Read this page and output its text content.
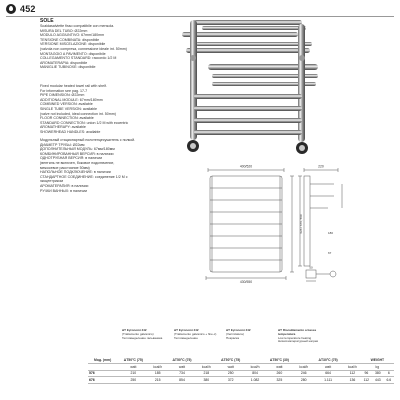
452
SOLE
Scaldasalviette fisso compatibile con mensola.
MISURA DEL TUBO: Ø22mm
MODULO AGGIUNTIVO: 67mm/180mm
TENSIONE COMBINATA: disponibile
VERSIONE MISCELAZIONE: disponibile
(valvola non compresa, connessione ideale int. 50mm)
MONTAGGIO A PAVIMENTO: disponibile
COLLEGAMENTO STANDARD: raccordo 1/2 M
AROMATERAPIA: disponibile
MANIGLIE TUBINOXE: disponibile
Fixed modular heated towel rail with shelf.
For information see pag. 17-7
PIPE DIMENSION: Ø22mm
ADDITIONAL MODULE: 67mm/180mm
COMBINED VERSION: available
SINGLE TUBE VERSION: available
(valve not included, ideal connection int. 50mm)
FLOOR CONNECTION: available
STANDARD CONNECTION: union 1/2 M with eccentric
AROMATHERAPY: available
SHOWERHEAD HANDLES: available
Модульный стационарный полотенцесушитель с полкой.
ДИАМЕТР ТРУБЫ: Ø22мм
ДОПОЛНИТЕЛЬНЫЙ МОДУЛЬ: 67мм/180мм
КОМБИНИРОВАННЫЙ ВЕРСИЯ: в наличии
ОДНОТРУБНАЯ ВЕРСИЯ: в наличии
(вентиль не включен, боковое подключение,
межосевое расстояние 50мм)
НАПОЛЬНОЕ ПОДКЛЮЧЕНИЕ: в наличии
СТАНДАРТНОЕ СОЕДИНЕНИЕ: соединение 1/2 М с
эксцентриком
АРОМАТЕРАПИЯ: в наличии
РУЧКИ ВАННЫХ: в наличии
400/520
430/550
220
626 / 676, 560	180
67
50
ΔT Eyronomi 442
(Trattamento galvanico)
Тепловыделение гальваника
ΔT Eyronomi 442
(Trattamento galvanico + fine-c)
Тепловыделение
ΔT Eyronomi 442
(Verniciatura)
Покраска
ΔT Riscaldamento a bassa temperatura
Low temperature heating
Низкотемпературный нагрев
Мод. (mm)	ΔT50°C (75)		ΔT50°C (75)		ΔT50°C (75)		ΔT50°C (30)		ΔT30°C (75)		WEIGHT		
	watt	kcal/h	watt	kcal/h	watt	kcal/h	watt	kcal/h	watt	kcal/h	kg		
576	210	185	734	218	250	804	260	246	664	112	96	380	6
676	250	215	854	380	372	1.082	325	280	1.111	136	112	443	6.6
